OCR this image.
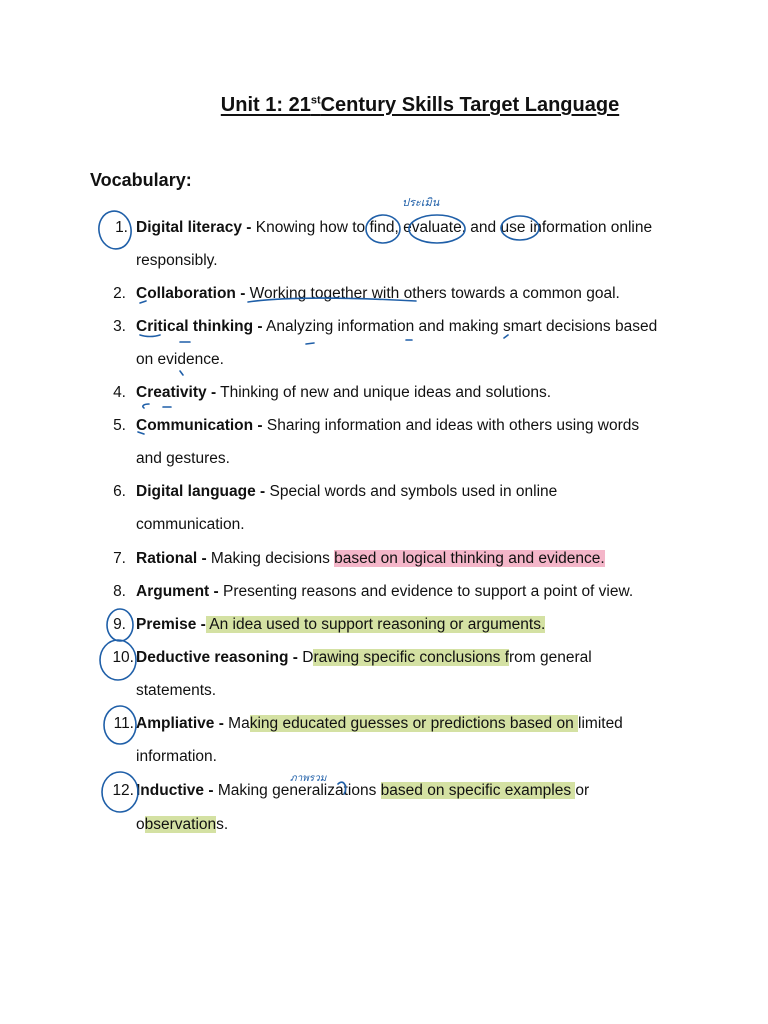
Unit 1: 21stCentury Skills Target Language
Vocabulary:
1. Digital literacy - Knowing how to find, evaluate, and use information online
responsibly.
2. Collaboration - Working together with others towards a common goal.
3. Critical thinking - Analyzing information and making smart decisions based
on evidence.
4. Creativity - Thinking of new and unique ideas and solutions.
5. Communication - Sharing information and ideas with others using words
and gestures.
6. Digital language - Special words and symbols used in online
communication.
7. Rational - Making decisions based on logical thinking and evidence.
8. Argument - Presenting reasons and evidence to support a point of view.
9. Premise - An idea used to support reasoning or arguments.
10. Deductive reasoning - Drawing specific conclusions from general
statements.
11. Ampliative - Making educated guesses or predictions based on limited
information.
12. Inductive - Making generalizations based on specific examples or
observations.
ประเมิน
ภาพรวม
